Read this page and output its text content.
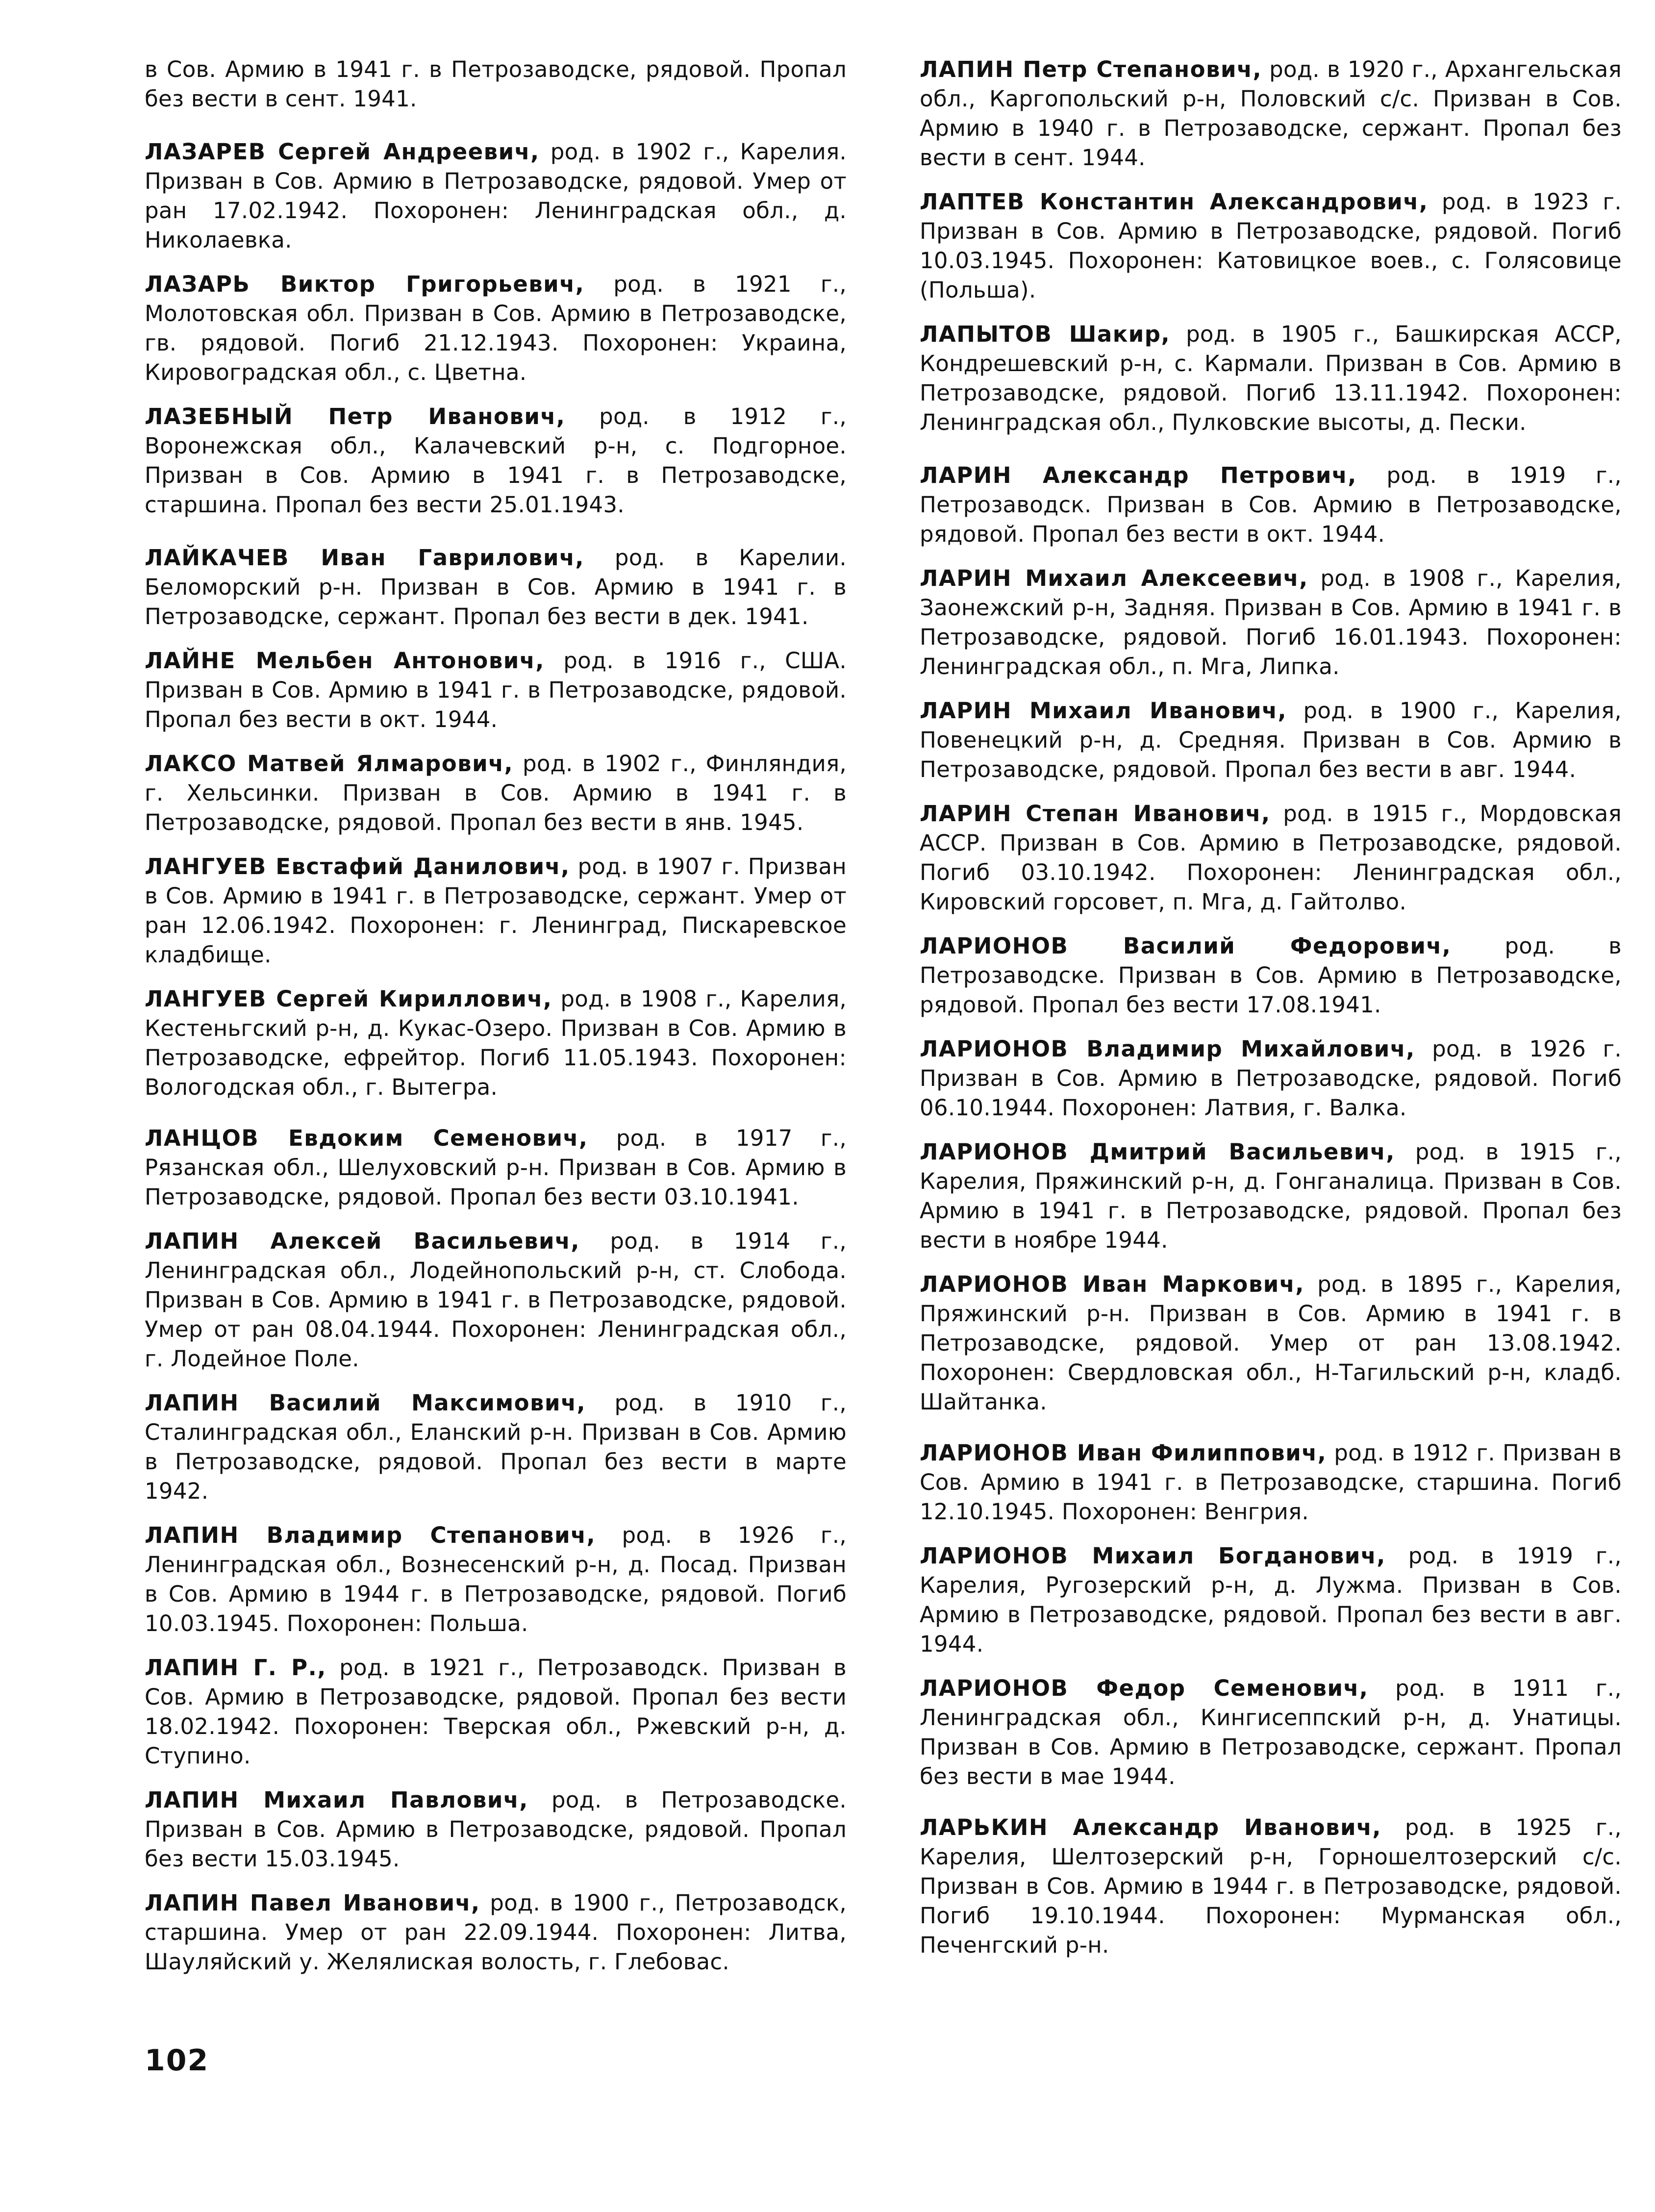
в Сов. Армию в 1941 г. в Петрозаводске, рядовой. Пропал без вести в сент. 1941.

ЛАЗАРЕВ Сергей Андреевич, род. в 1902 г., Карелия. Призван в Сов. Армию в Петрозаводске, рядовой. Умер от ран 17.02.1942. Похоронен: Ленинградская обл., д. Николаевка.

ЛАЗАРЬ Виктор Григорьевич, род. в 1921 г., Молотовская обл. Призван в Сов. Армию в Петрозаводске, гв. рядовой. Погиб 21.12.1943. Похоронен: Украина, Кировоградская обл., с. Цветна.

ЛАЗЕБНЫЙ Петр Иванович, род. в 1912 г., Воронежская обл., Калачевский р-н, с. Подгорное. Призван в Сов. Армию в 1941 г. в Петрозаводске, старшина. Пропал без вести 25.01.1943.

ЛАЙКАЧЕВ Иван Гаврилович, род. в Карелии. Беломорский р-н. Призван в Сов. Армию в 1941 г. в Петрозаводске, сержант. Пропал без вести в дек. 1941.

ЛАЙНЕ Мельбен Антонович, род. в 1916 г., США. Призван в Сов. Армию в 1941 г. в Петрозаводске, рядовой. Пропал без вести в окт. 1944.

ЛАКСО Матвей Ялмарович, род. в 1902 г., Финляндия, г. Хельсинки. Призван в Сов. Армию в 1941 г. в Петрозаводске, рядовой. Пропал без вести в янв. 1945.

ЛАНГУЕВ Евстафий Данилович, род. в 1907 г. Призван в Сов. Армию в 1941 г. в Петрозаводске, сержант. Умер от ран 12.06.1942. Похоронен: г. Ленинград, Пискаревское кладбище.

ЛАНГУЕВ Сергей Кириллович, род. в 1908 г., Карелия, Кестеньгский р-н, д. Кукас-Озеро. Призван в Сов. Армию в Петрозаводске, ефрейтор. Погиб 11.05.1943. Похоронен: Вологодская обл., г. Вытегра.

ЛАНЦОВ Евдоким Семенович, род. в 1917 г., Рязанская обл., Шелуховский р-н. Призван в Сов. Армию в Петрозаводске, рядовой. Пропал без вести 03.10.1941.

ЛАПИН Алексей Васильевич, род. в 1914 г., Ленинградская обл., Лодейнопольский р-н, ст. Слобода. Призван в Сов. Армию в 1941 г. в Петрозаводске, рядовой. Умер от ран 08.04.1944. Похоронен: Ленинградская обл., г. Лодейное Поле.

ЛАПИН Василий Максимович, род. в 1910 г., Сталинградская обл., Еланский р-н. Призван в Сов. Армию в Петрозаводске, рядовой. Пропал без вести в марте 1942.

ЛАПИН Владимир Степанович, род. в 1926 г., Ленинградская обл., Вознесенский р-н, д. Посад. Призван в Сов. Армию в 1944 г. в Петрозаводске, рядовой. Погиб 10.03.1945. Похоронен: Польша.

ЛАПИН Г. Р., род. в 1921 г., Петрозаводск. Призван в Сов. Армию в Петрозаводске, рядовой. Пропал без вести 18.02.1942. Похоронен: Тверская обл., Ржевский р-н, д. Ступино.

ЛАПИН Михаил Павлович, род. в Петрозаводске. Призван в Сов. Армию в Петрозаводске, рядовой. Пропал без вести 15.03.1945.

ЛАПИН Павел Иванович, род. в 1900 г., Петрозаводск, старшина. Умер от ран 22.09.1944. Похоронен: Литва, Шауляйский у. Желялиская волость, г. Глебовас.

ЛАПИН Петр Степанович, род. в 1920 г., Архангельская обл., Каргопольский р-н, Половский с/с. Призван в Сов. Армию в 1940 г. в Петрозаводске, сержант. Пропал без вести в сент. 1944.

ЛАПТЕВ Константин Александрович, род. в 1923 г. Призван в Сов. Армию в Петрозаводске, рядовой. Погиб 10.03.1945. Похоронен: Катовицкое воев., с. Голясовице (Польша).

ЛАПЫТОВ Шакир, род. в 1905 г., Башкирская АССР, Кондрешевский р-н, с. Кармали. Призван в Сов. Армию в Петрозаводске, рядовой. Погиб 13.11.1942. Похоронен: Ленинградская обл., Пулковские высоты, д. Пески.

ЛАРИН Александр Петрович, род. в 1919 г., Петрозаводск. Призван в Сов. Армию в Петрозаводске, рядовой. Пропал без вести в окт. 1944.

ЛАРИН Михаил Алексеевич, род. в 1908 г., Карелия, Заонежский р-н, Задняя. Призван в Сов. Армию в 1941 г. в Петрозаводске, рядовой. Погиб 16.01.1943. Похоронен: Ленинградская обл., п. Мга, Липка.

ЛАРИН Михаил Иванович, род. в 1900 г., Карелия, Повенецкий р-н, д. Средняя. Призван в Сов. Армию в Петрозаводске, рядовой. Пропал без вести в авг. 1944.

ЛАРИН Степан Иванович, род. в 1915 г., Мордовская АССР. Призван в Сов. Армию в Петрозаводске, рядовой. Погиб 03.10.1942. Похоронен: Ленинградская обл., Кировский горсовет, п. Мга, д. Гайтолво.

ЛАРИОНОВ Василий Федорович, род. в Петрозаводске. Призван в Сов. Армию в Петрозаводске, рядовой. Пропал без вести 17.08.1941.

ЛАРИОНОВ Владимир Михайлович, род. в 1926 г. Призван в Сов. Армию в Петрозаводске, рядовой. Погиб 06.10.1944. Похоронен: Латвия, г. Валка.

ЛАРИОНОВ Дмитрий Васильевич, род. в 1915 г., Карелия, Пряжинский р-н, д. Гонганалица. Призван в Сов. Армию в 1941 г. в Петрозаводске, рядовой. Пропал без вести в ноябре 1944.

ЛАРИОНОВ Иван Маркович, род. в 1895 г., Карелия, Пряжинский р-н. Призван в Сов. Армию в 1941 г. в Петрозаводске, рядовой. Умер от ран 13.08.1942. Похоронен: Свердловская обл., Н-Тагильский р-н, кладб. Шайтанка.

ЛАРИОНОВ Иван Филиппович, род. в 1912 г. Призван в Сов. Армию в 1941 г. в Петрозаводске, старшина. Погиб 12.10.1945. Похоронен: Венгрия.

ЛАРИОНОВ Михаил Богданович, род. в 1919 г., Карелия, Ругозерский р-н, д. Лужма. Призван в Сов. Армию в Петрозаводске, рядовой. Пропал без вести в авг. 1944.

ЛАРИОНОВ Федор Семенович, род. в 1911 г., Ленинградская обл., Кингисеппский р-н, д. Унатицы. Призван в Сов. Армию в Петрозаводске, сержант. Пропал без вести в мае 1944.

ЛАРЬКИН Александр Иванович, род. в 1925 г., Карелия, Шелтозерский р-н, Горношелтозерский с/с. Призван в Сов. Армию в 1944 г. в Петрозаводске, рядовой. Погиб 19.10.1944. Похоронен: Мурманская обл., Печенгский р-н.

102
